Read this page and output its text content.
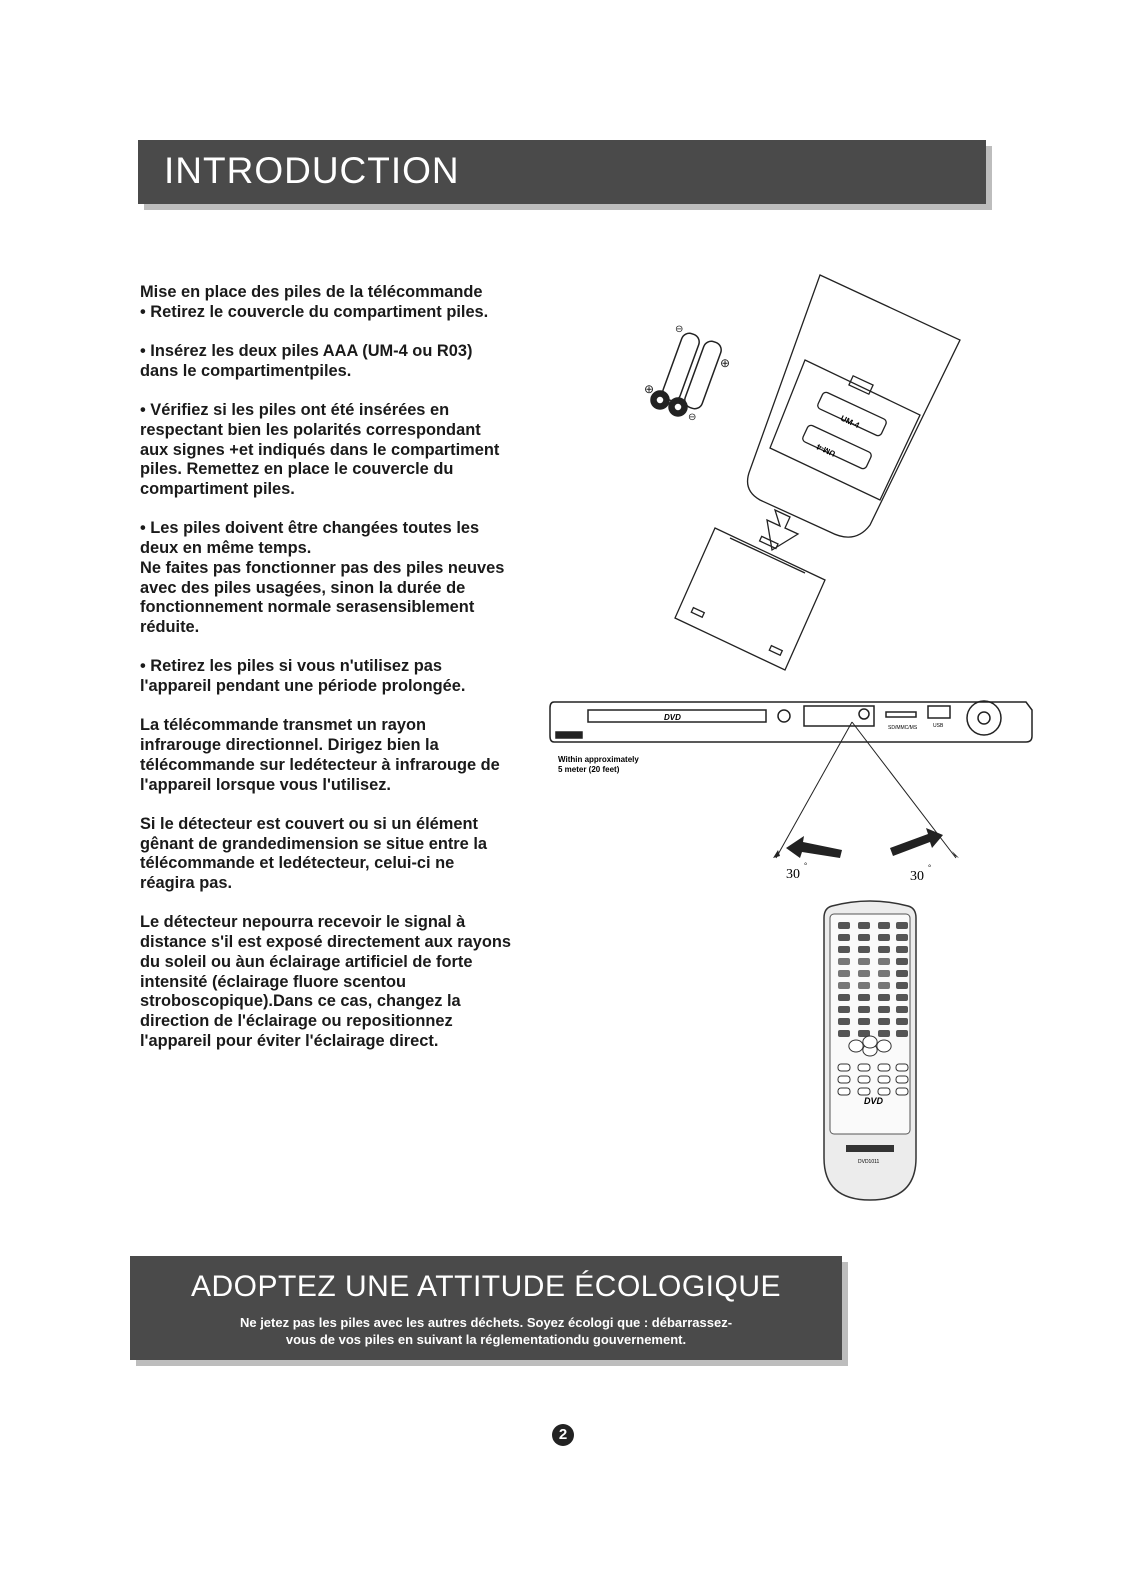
INTRODUCTION

Mise en place des piles de la télécommande
• Retirez le couvercle du compartiment piles.

• Insérez les deux piles AAA (UM-4 ou R03)
dans le compartimentpiles.

• Vérifiez si les piles ont été insérées en
respectant bien les polarités correspondant
aux signes +et indiqués dans le compartiment
piles. Remettez en place le couvercle du
compartiment piles.

• Les piles doivent être changées toutes les
deux en même temps.
Ne faites pas fonctionner pas des piles neuves
avec des piles usagées, sinon la durée de
fonctionnement normale serasensiblement
réduite.

• Retirez les piles si vous n'utilisez pas
l'appareil pendant une période prolongée.

La télécommande transmet un rayon
infrarouge directionnel. Dirigez bien la
télécommande sur ledétecteur à infrarouge de
l'appareil lorsque vous l'utilisez.

Si le détecteur est couvert ou si un élément
gênant de grandedimension se situe entre la
télécommande et ledétecteur, celui-ci ne
réagira pas.

Le détecteur nepourra recevoir le signal à
distance s'il est exposé directement aux rayons
du soleil ou àun éclairage artificiel de forte
intensité (éclairage fluore scentou
stroboscopique).Dans ce cas, changez la
direction de l'éclairage ou repositionnez
l'appareil pour éviter l'éclairage direct.

⊕
⊕
⊖
⊖	UM-4
UM-4
DVD
SD/MMC/MS	USB
Within approximately
5 meter (20 feet)
30
°
30
°
DVD
DVD1011
ADOPTEZ UNE ATTITUDE ÉCOLOGIQUE
Ne jetez pas les piles avec les autres déchets. Soyez écologi que : débarrassez-
vous de vos piles en suivant la réglementationdu gouvernement.
2
